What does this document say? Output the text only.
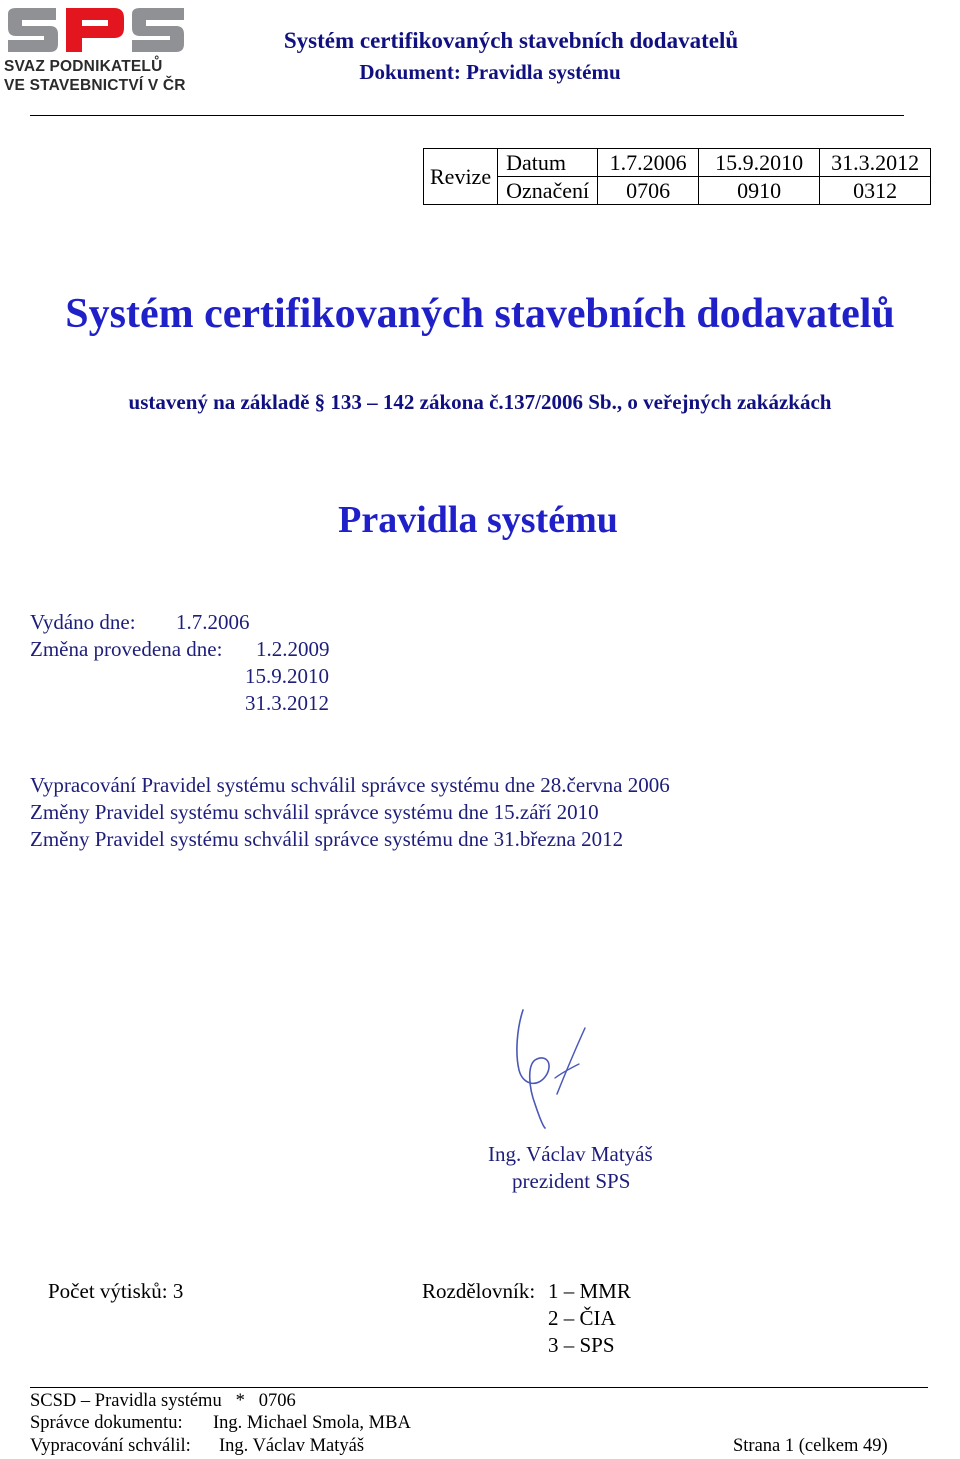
SVAZ PODNIKATELŮ
VE STAVEBNICTVÍ V ČR
Systém certifikovaných stavebních dodavatelů
Dokument: Pravidla systému
Revize	Datum	1.7.2006	15.9.2010	31.3.2012
	Označení	0706	0910	0312
Systém certifikovaných stavebních dodavatelů
ustavený na základě § 133 – 142 zákona č.137/2006 Sb., o veřejných zakázkách
Pravidla systému
Vydáno dne: 1.7.2006
Změna provedena dne: 1.2.2009
15.9.2010
31.3.2012
Vypracování Pravidel systému schválil správce systému dne 28.června 2006
Změny Pravidel systému schválil správce systému dne 15.září 2010
Změny Pravidel systému schválil správce systému dne 31.března 2012
Ing. Václav Matyáš
prezident SPS
Počet výtisků: 3	Rozdělovník: 1 – MMR
2 – ČIA
3 – SPS
SCSD – Pravidla systému   *   0706
Správce dokumentu: Ing. Michael Smola, MBA
Vypracování schválil: Ing. Václav Matyáš	Strana 1 (celkem 49)
